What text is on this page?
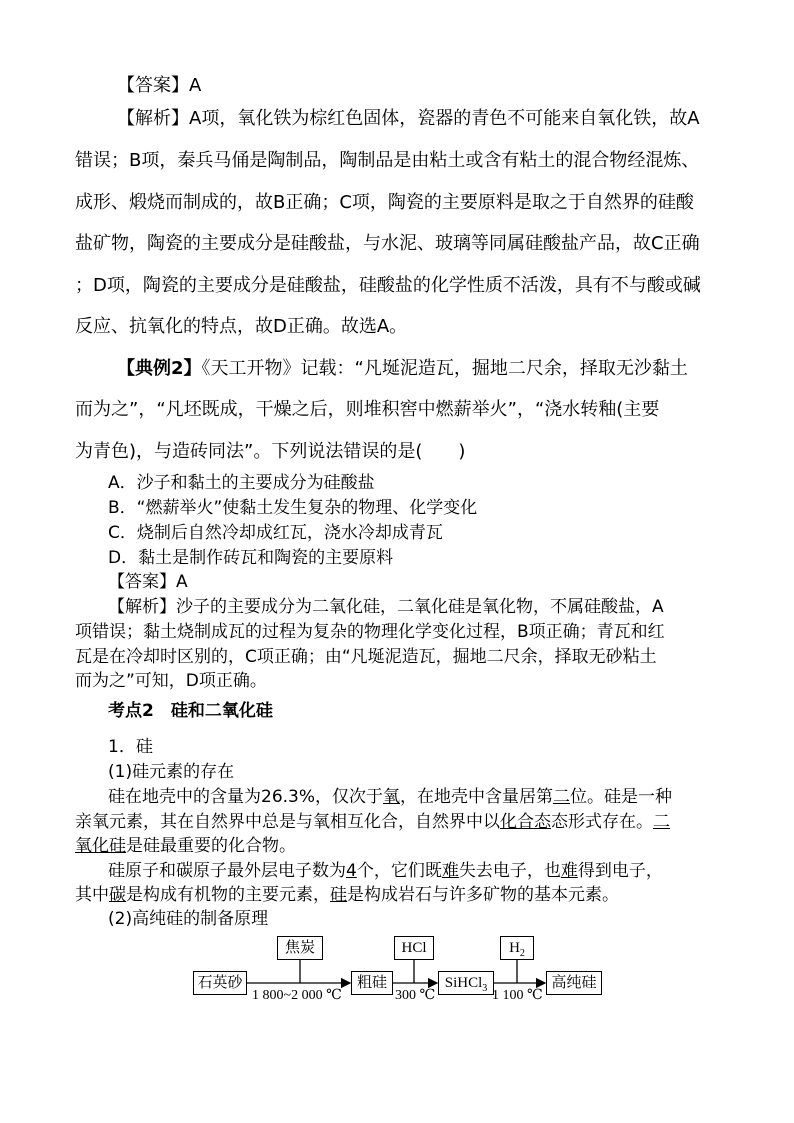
【答案】A
【解析】A项，氧化铁为棕红色固体，瓷器的青色不可能来自氧化铁，故A
错误；B项，秦兵马俑是陶制品，陶制品是由粘土或含有粘土的混合物经混炼、
成形、煅烧而制成的，故B正确；C项，陶瓷的主要原料是取之于自然界的硅酸
盐矿物，陶瓷的主要成分是硅酸盐，与水泥、玻璃等同属硅酸盐产品，故C正确
；D项，陶瓷的主要成分是硅酸盐，硅酸盐的化学性质不活泼，具有不与酸或碱
反应、抗氧化的特点，故D正确。故选A。
【典例2】《天工开物》记载：“凡埏泥造瓦，掘地二尺余，择取无沙黏土
而为之”，“凡坯既成，干燥之后，则堆积窖中燃薪举火”，“浇水转釉(主要
为青色)，与造砖同法”。下列说法错误的是(　　)
A．沙子和黏土的主要成分为硅酸盐
B．“燃薪举火”使黏土发生复杂的物理、化学变化
C．烧制后自然冷却成红瓦，浇水冷却成青瓦
D．黏土是制作砖瓦和陶瓷的主要原料
【答案】A
【解析】沙子的主要成分为二氧化硅，二氧化硅是氧化物，不属硅酸盐，A
项错误；黏土烧制成瓦的过程为复杂的物理化学变化过程，B项正确；青瓦和红
瓦是在冷却时区别的，C项正确；由“凡埏泥造瓦，掘地二尺余，择取无砂粘土
而为之”可知，D项正确。
考点2　硅和二氧化硅
1．硅
(1)硅元素的存在
硅在地壳中的含量为26.3%，仅次于氧，在地壳中含量居第二位。硅是一种
亲氧元素，其在自然界中总是与氧相互化合，自然界中以化合态态形式存在。二
氧化硅是硅最重要的化合物。
硅原子和碳原子最外层电子数为4个，它们既难失去电子，也难得到电子，
其中碳是构成有机物的主要元素，硅是构成岩石与许多矿物的基本元素。
(2)高纯硅的制备原理
焦炭	HCl	$H_2$
石英砂	粗硅	SiHCl$_3$	高纯硅
1 800~2 000 ℃	300 ℃	1 100 ℃
